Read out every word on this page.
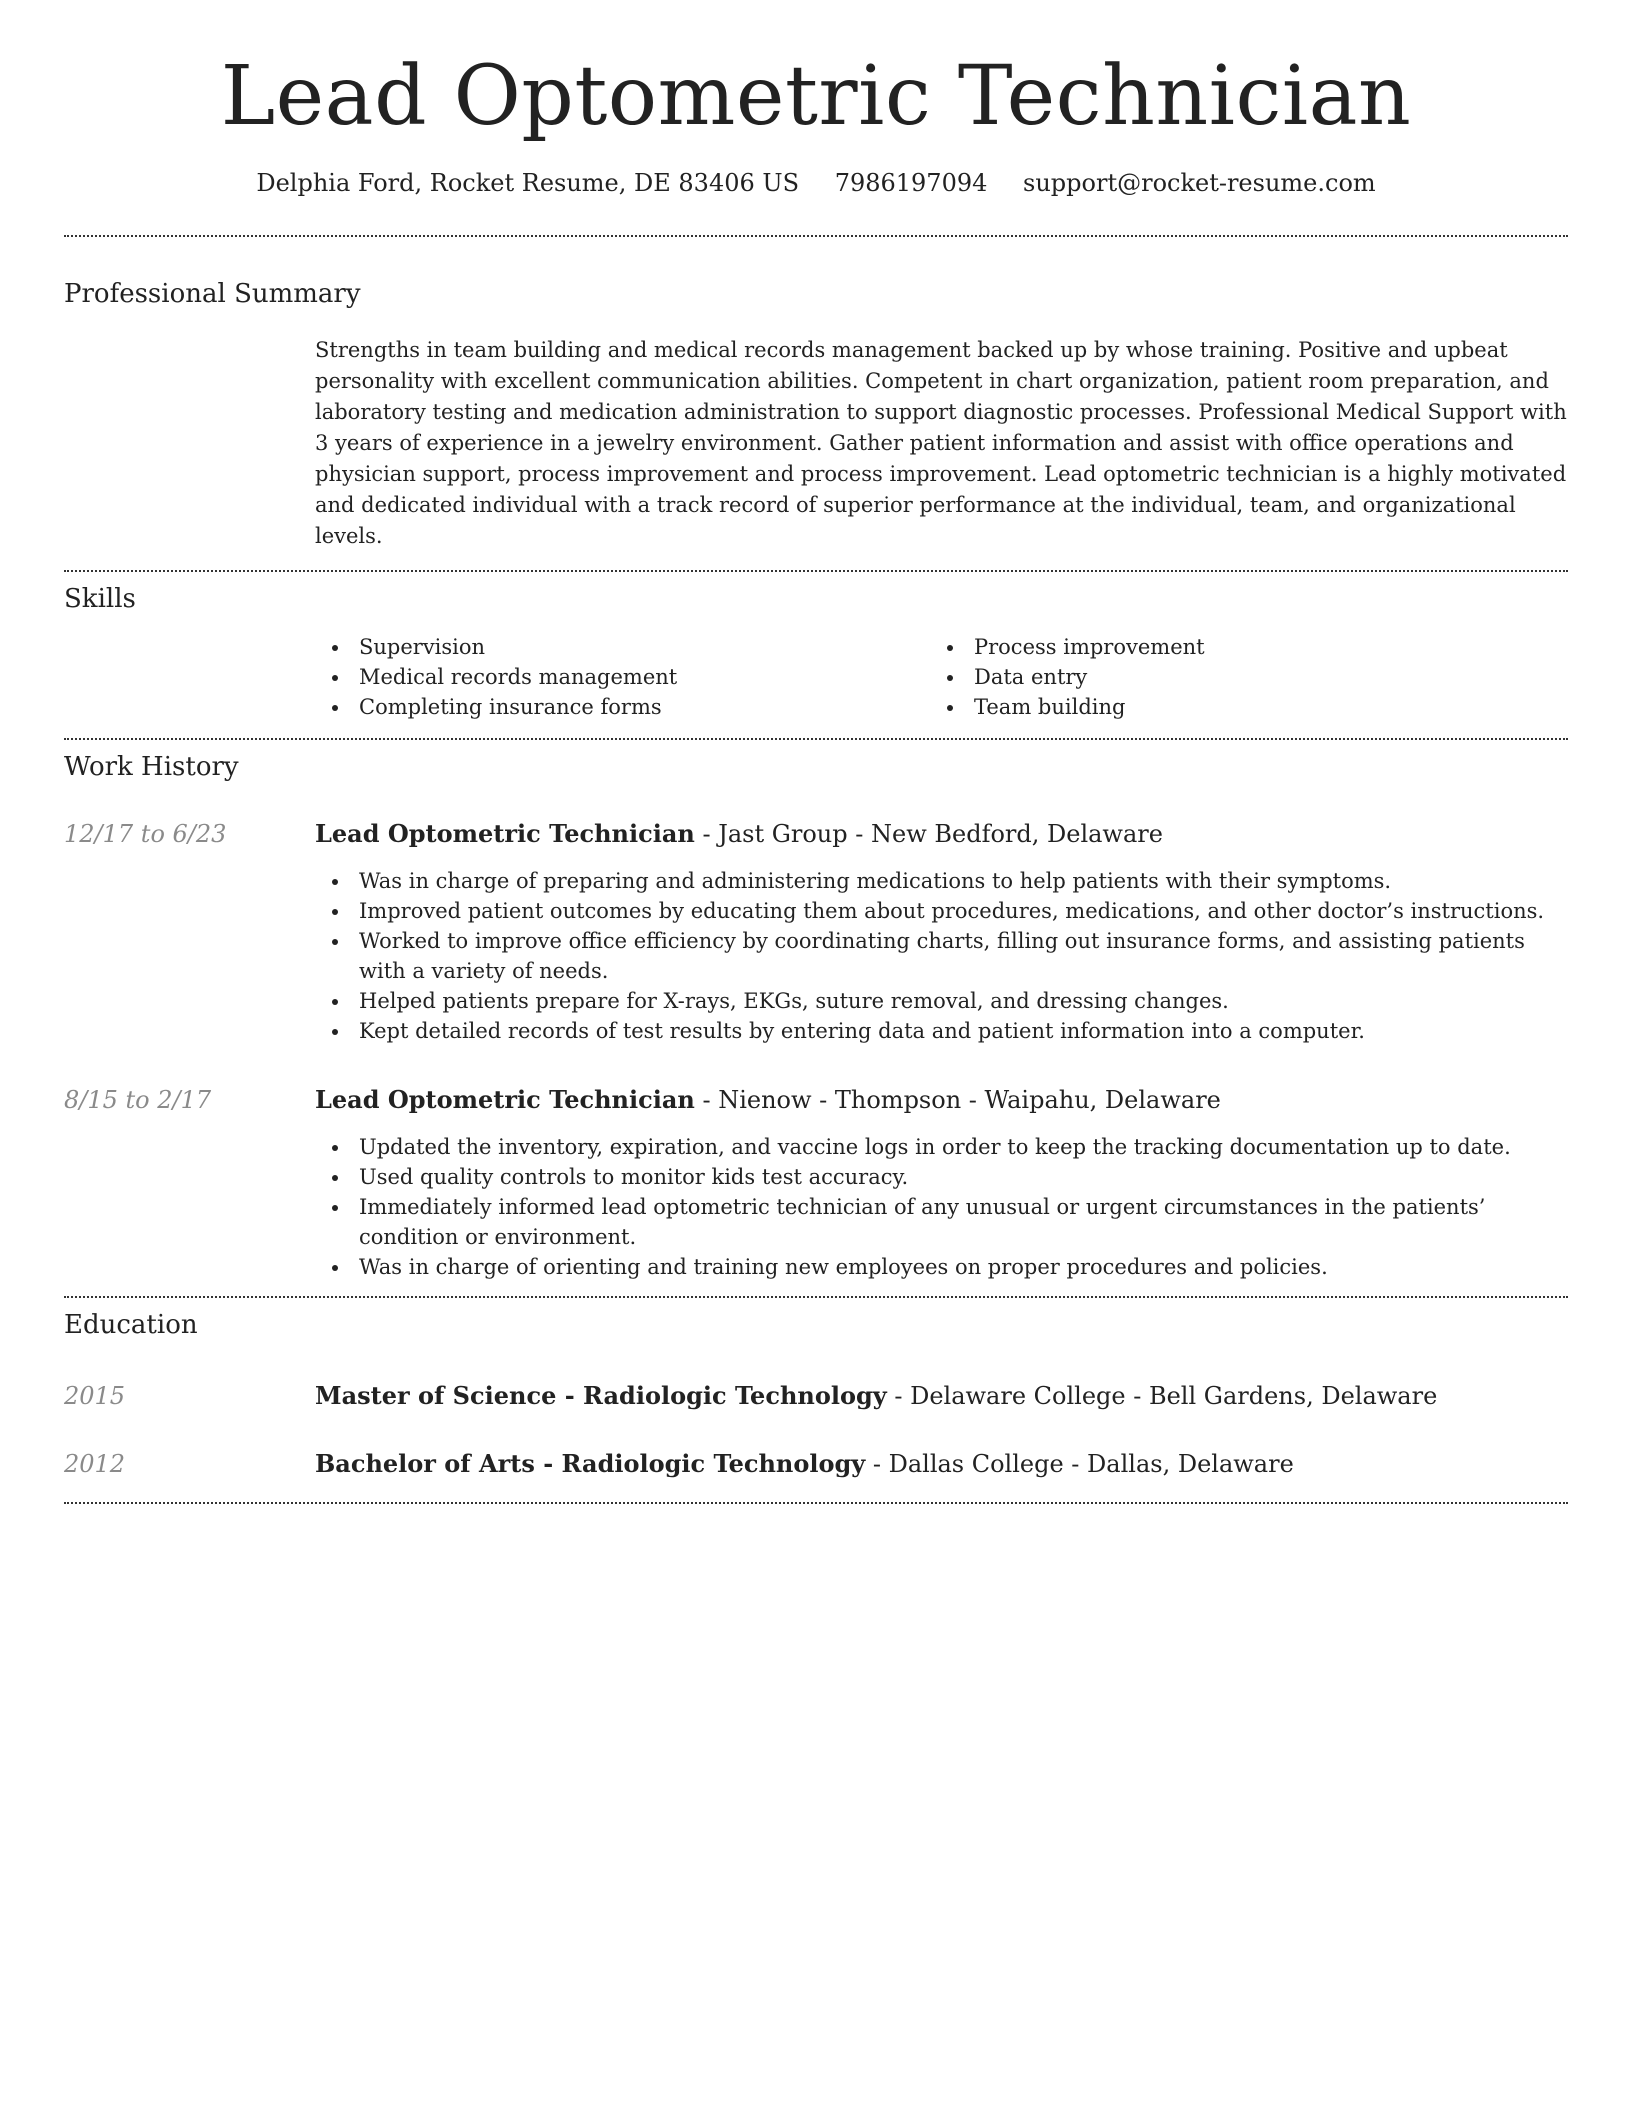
Lead Optometric Technician
Delphia Ford, Rocket Resume, DE 83406 US 7986197094 support@rocket-resume.com
Professional Summary

Strengths in team building and medical records management backed up by whose training. Positive and upbeat personality with excellent communication abilities. Competent in chart organization, patient room preparation, and laboratory testing and medication administration to support diagnostic processes. Professional Medical Support with 3 years of experience in a jewelry environment. Gather patient information and assist with office operations and physician support, process improvement and process improvement. Lead optometric technician is a highly motivated and dedicated individual with a track record of superior performance at the individual, team, and organizational levels.

Skills
Supervision
Medical records management
Completing insurance forms
Process improvement
Data entry
Team building
Work History
12/17 to 6/23	Lead Optometric Technician - Jast Group - New Bedford, Delaware
Was in charge of preparing and administering medications to help patients with their symptoms.
Improved patient outcomes by educating them about procedures, medications, and other doctor’s instructions.
Worked to improve office efficiency by coordinating charts, filling out insurance forms, and assisting patients with a variety of needs.
Helped patients prepare for X-rays, EKGs, suture removal, and dressing changes.
Kept detailed records of test results by entering data and patient information into a computer.
8/15 to 2/17	Lead Optometric Technician - Nienow - Thompson - Waipahu, Delaware
Updated the inventory, expiration, and vaccine logs in order to keep the tracking documentation up to date.
Used quality controls to monitor kids test accuracy.
Immediately informed lead optometric technician of any unusual or urgent circumstances in the patients’ condition or environment.
Was in charge of orienting and training new employees on proper procedures and policies.
Education
2015	Master of Science - Radiologic Technology - Delaware College - Bell Gardens, Delaware
2012	Bachelor of Arts - Radiologic Technology - Dallas College - Dallas, Delaware
